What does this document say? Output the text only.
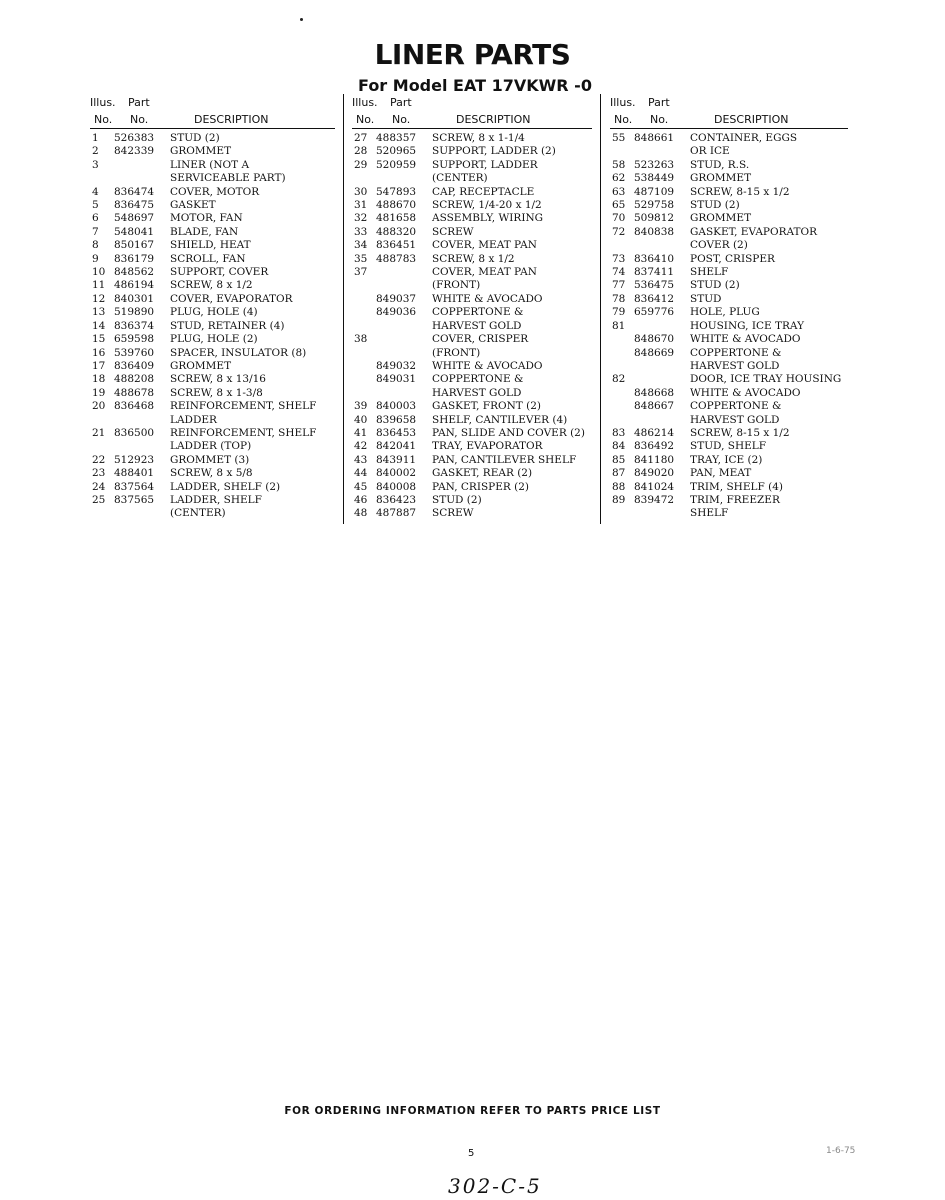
LINER PARTS
For Model EAT 17VKWR -0
Illus. Part
No. No.	DESCRIPTION
1	526383	STUD (2)
2	842339	GROMMET
3	LINER (NOT A
SERVICEABLE PART)
4	836474	COVER, MOTOR
5	836475	GASKET
6	548697	MOTOR, FAN
7	548041	BLADE, FAN
8	850167	SHIELD, HEAT
9	836179	SCROLL, FAN
10 848562	SUPPORT, COVER
11 486194	SCREW, 8 x 1/2
12 840301	COVER, EVAPORATOR
13 519890	PLUG, HOLE (4)
14 836374	STUD, RETAINER (4)
15 659598	PLUG, HOLE (2)
16 539760	SPACER, INSULATOR (8)
17 836409	GROMMET
18 488208	SCREW, 8 x 13/16
19 488678	SCREW, 8 x 1-3/8
20 836468	REINFORCEMENT, SHELF
LADDER
21 836500	REINFORCEMENT, SHELF
LADDER (TOP)
22 512923	GROMMET (3)
23 488401	SCREW, 8 x 5/8
24 837564	LADDER, SHELF (2)
25 837565	LADDER, SHELF
(CENTER)
Illus. Part
No. No.	DESCRIPTION
27 488357	SCREW, 8 x 1-1/4
28 520965	SUPPORT, LADDER (2)
29 520959	SUPPORT, LADDER
(CENTER)
30 547893	CAP, RECEPTACLE
31 488670	SCREW, 1/4-20 x 1/2
32 481658	ASSEMBLY, WIRING
33 488320	SCREW
34 836451	COVER, MEAT PAN
35 488783	SCREW, 8 x 1/2
37	COVER, MEAT PAN
(FRONT)
849037	WHITE & AVOCADO
849036	COPPERTONE &
HARVEST GOLD
38	COVER, CRISPER
(FRONT)
849032	WHITE & AVOCADO
849031	COPPERTONE &
HARVEST GOLD
39 840003	GASKET, FRONT (2)
40 839658	SHELF, CANTILEVER (4)
41 836453	PAN, SLIDE AND COVER (2)
42 842041	TRAY, EVAPORATOR
43 843911	PAN, CANTILEVER SHELF
44 840002	GASKET, REAR (2)
45 840008	PAN, CRISPER (2)
46 836423	STUD (2)
48 487887	SCREW
Illus. Part
No. No.	DESCRIPTION
55 848661	CONTAINER, EGGS
OR ICE
58 523263	STUD, R.S.
62 538449	GROMMET
63 487109	SCREW, 8-15 x 1/2
65 529758	STUD (2)
70 509812	GROMMET
72 840838	GASKET, EVAPORATOR
COVER (2)
73 836410	POST, CRISPER
74 837411	SHELF
77 536475	STUD (2)
78 836412	STUD
79 659776	HOLE, PLUG
81	HOUSING, ICE TRAY
848670	WHITE & AVOCADO
848669	COPPERTONE &
HARVEST GOLD
82	DOOR, ICE TRAY HOUSING
848668	WHITE & AVOCADO
848667	COPPERTONE &
HARVEST GOLD
83 486214	SCREW, 8-15 x 1/2
84 836492	STUD, SHELF
85 841180	TRAY, ICE (2)
87 849020	PAN, MEAT
88 841024	TRIM, SHELF (4)
89 839472	TRIM, FREEZER
SHELF
FOR ORDERING INFORMATION REFER TO PARTS PRICE LIST
5	1-6-75
302-C-5
